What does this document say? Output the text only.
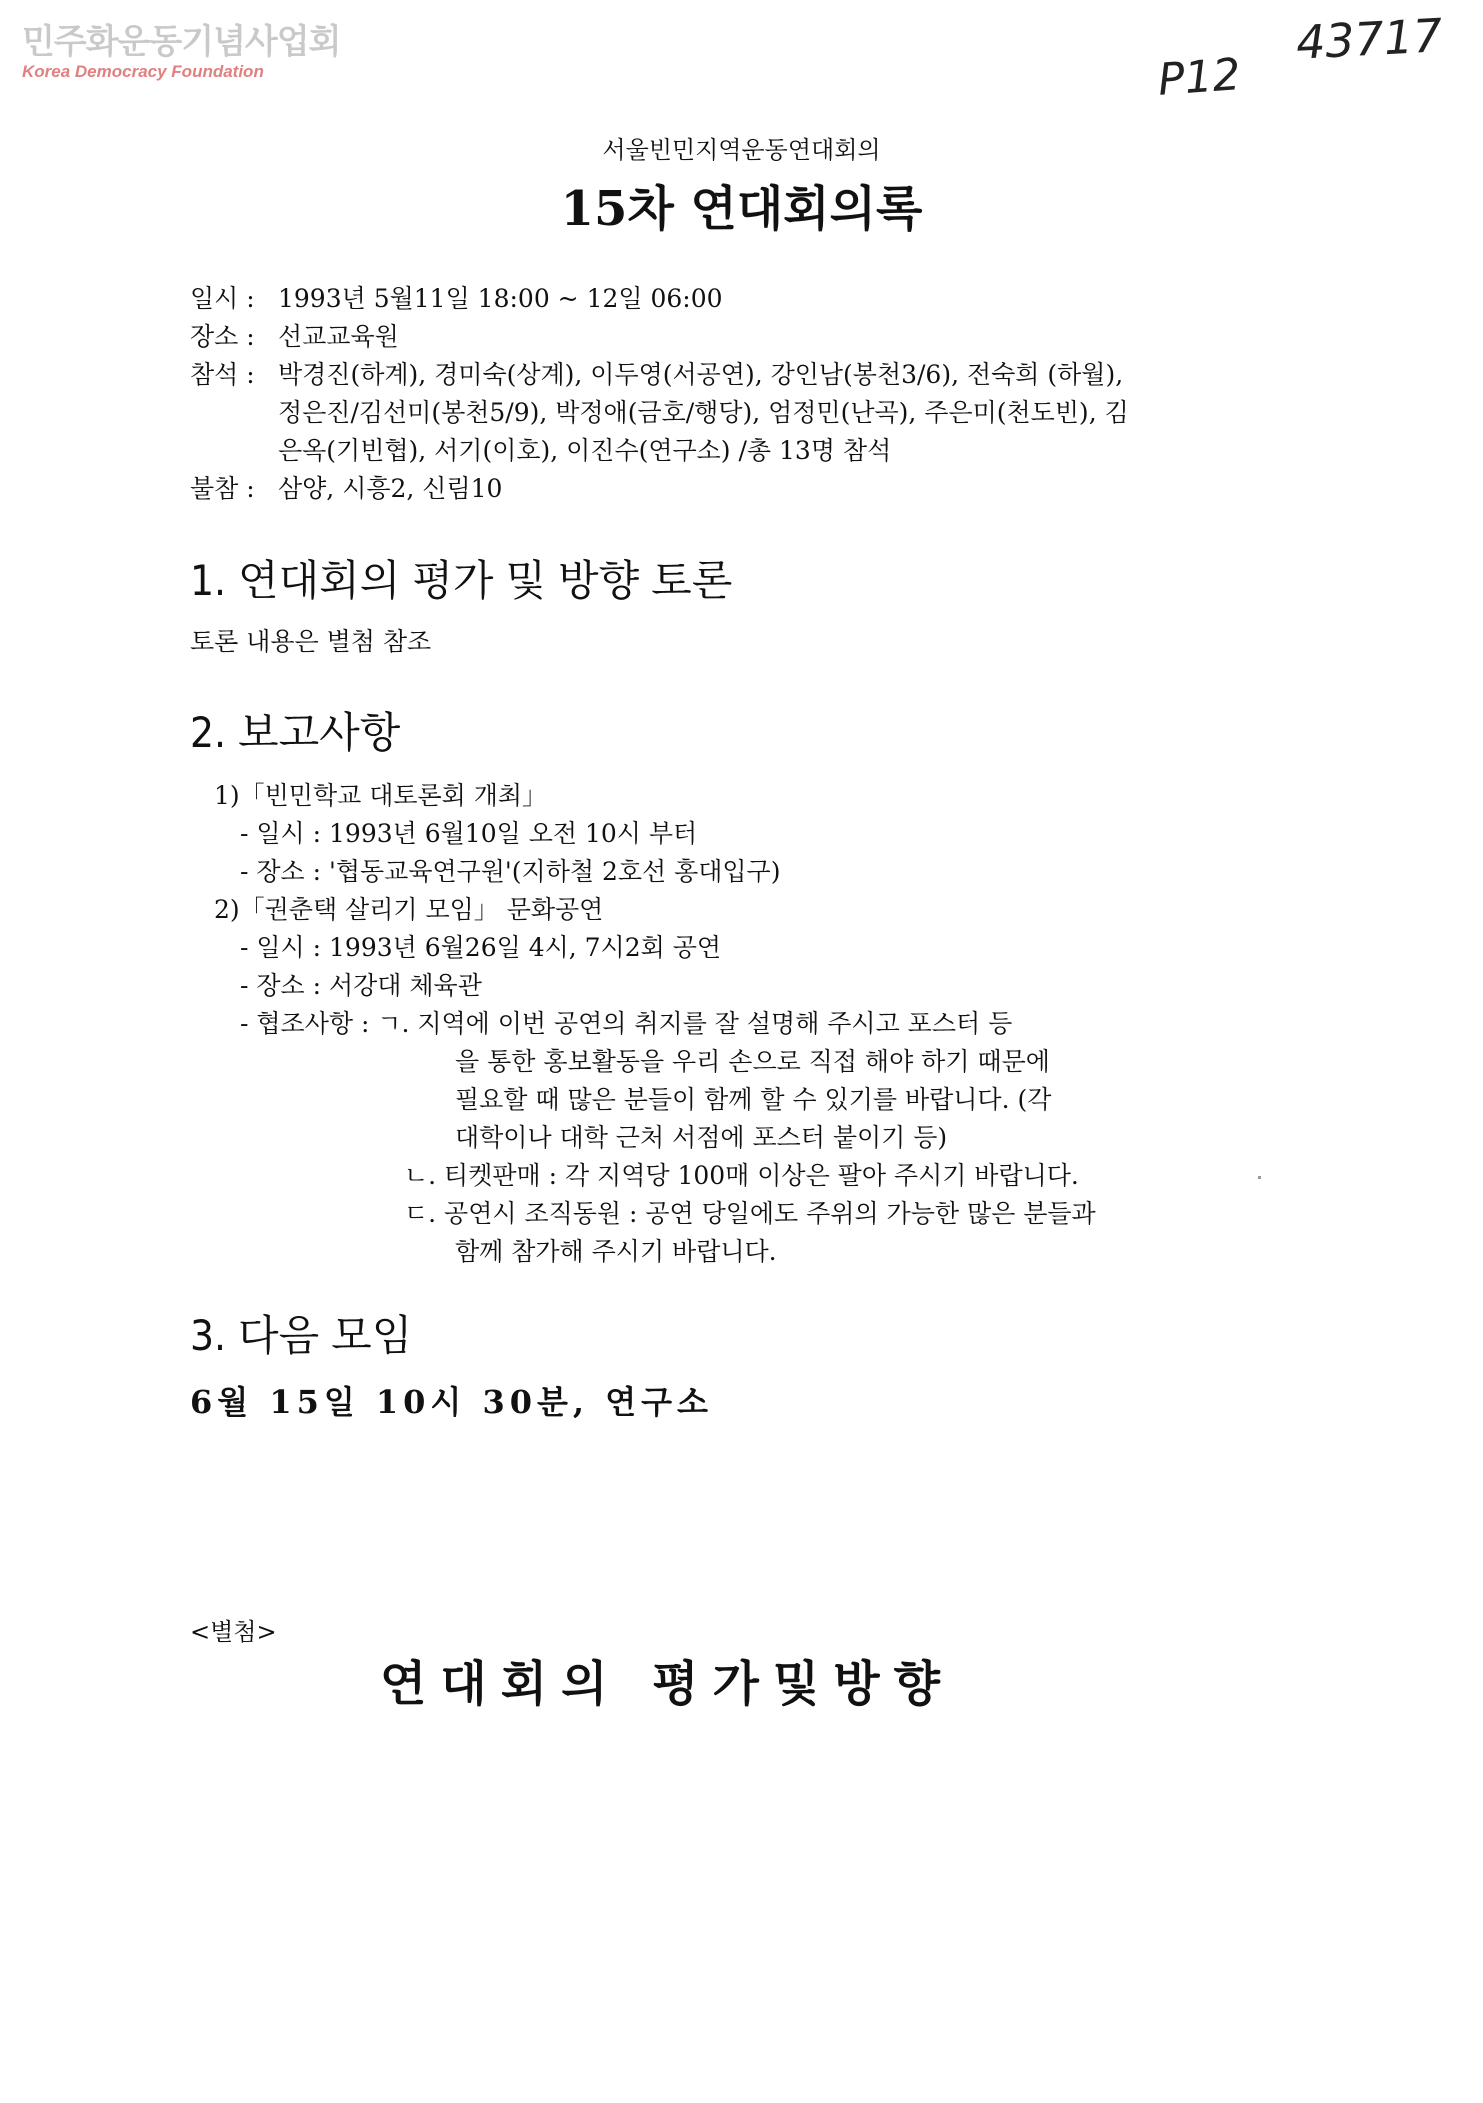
민주화운동기념사업회
Korea Democracy Foundation	P12
43717
서울빈민지역운동연대회의
15차 연대회의록
일시 : 1993년 5월11일 18:00 ~ 12일 06:00
장소 : 선교교육원
참석 : 박경진(하계), 경미숙(상계), 이두영(서공연), 강인남(봉천3/6), 전숙희 (하월), 정은진/김선미(봉천5/9), 박정애(금호/행당), 엄정민(난곡), 주은미(천도빈), 김은옥(기빈협), 서기(이호), 이진수(연구소) /총 13명 참석
불참 : 삼양, 시흥2, 신림10
1. 연대회의 평가 및 방향 토론
토론 내용은 별첨 참조
2. 보고사항
1)「빈민학교 대토론회 개최」
- 일시 : 1993년 6월10일 오전 10시 부터
- 장소 : '협동교육연구원'(지하철 2호선 홍대입구)
2)「권춘택 살리기 모임」 문화공연
- 일시 : 1993년 6월26일 4시, 7시2회 공연
- 장소 : 서강대 체육관
- 협조사항 : ㄱ. 지역에 이번 공연의 취지를 잘 설명해 주시고 포스터 등
을 통한 홍보활동을 우리 손으로 직접 해야 하기 때문에
필요할 때 많은 분들이 함께 할 수 있기를 바랍니다. (각
대학이나 대학 근처 서점에 포스터 붙이기 등)
ㄴ. 티켓판매 : 각 지역당 100매 이상은 팔아 주시기 바랍니다.
ㄷ. 공연시 조직동원 : 공연 당일에도 주위의 가능한 많은 분들과
함께 참가해 주시기 바랍니다.
3. 다음 모임
6월 15일 10시 30분, 연구소
<별첨>
연대회의 평가및방향
